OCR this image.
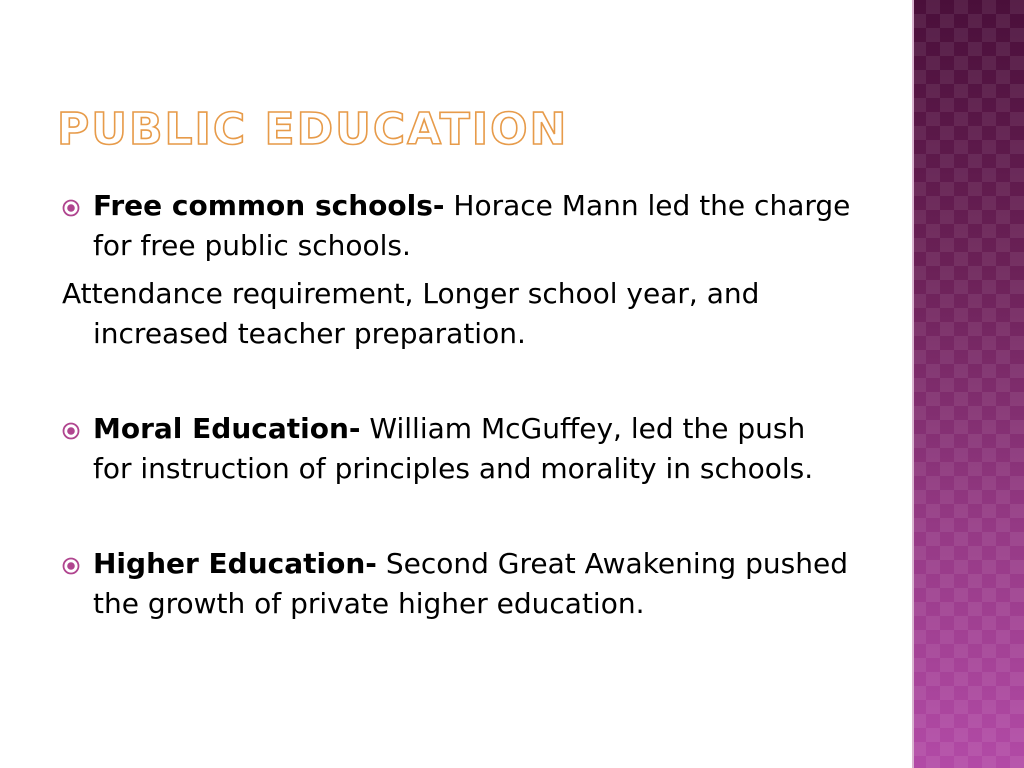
PUBLIC EDUCATION

Free common schools- Horace Mann led the charge for free public schools.

Attendance requirement, Longer school year, and increased teacher preparation.

Moral Education- William McGuffey, led the push for instruction of principles and morality in schools.

Higher Education- Second Great Awakening pushed the growth of private higher education.
